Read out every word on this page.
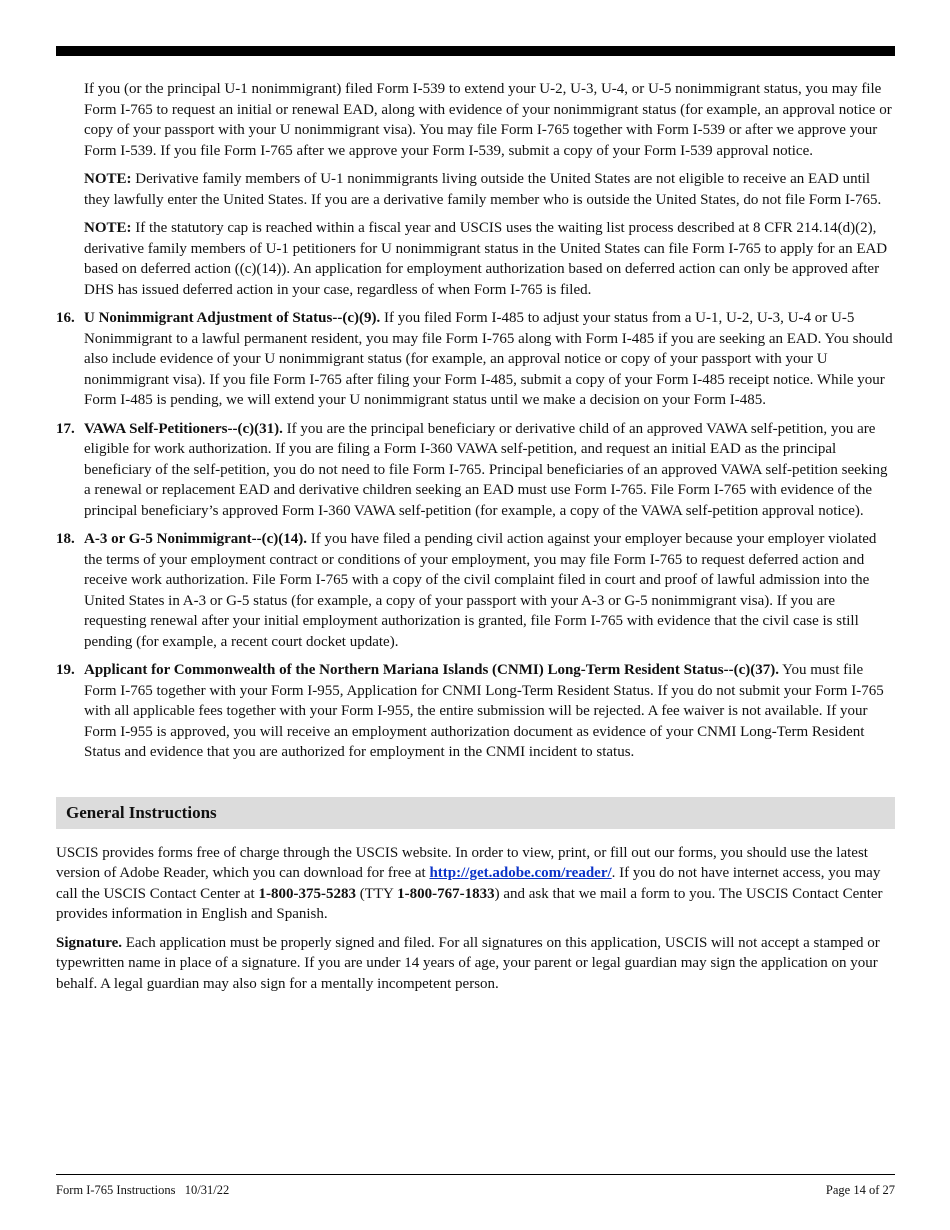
If you (or the principal U-1 nonimmigrant) filed Form I-539 to extend your U-2, U-3, U-4, or U-5 nonimmigrant status, you may file Form I-765 to request an initial or renewal EAD, along with evidence of your nonimmigrant status (for example, an approval notice or copy of your passport with your U nonimmigrant visa). You may file Form I-765 together with Form I-539 or after we approve your Form I-539. If you file Form I-765 after we approve your Form I-539, submit a copy of your Form I-539 approval notice.

NOTE: Derivative family members of U-1 nonimmigrants living outside the United States are not eligible to receive an EAD until they lawfully enter the United States. If you are a derivative family member who is outside the United States, do not file Form I-765.

NOTE: If the statutory cap is reached within a fiscal year and USCIS uses the waiting list process described at 8 CFR 214.14(d)(2), derivative family members of U-1 petitioners for U nonimmigrant status in the United States can file Form I-765 to apply for an EAD based on deferred action ((c)(14)). An application for employment authorization based on deferred action can only be approved after DHS has issued deferred action in your case, regardless of when Form I-765 is filed.

16. U Nonimmigrant Adjustment of Status--(c)(9). If you filed Form I-485 to adjust your status from a U-1, U-2, U-3, U-4 or U-5 Nonimmigrant to a lawful permanent resident, you may file Form I-765 along with Form I-485 if you are seeking an EAD. You should also include evidence of your U nonimmigrant status (for example, an approval notice or copy of your passport with your U nonimmigrant visa). If you file Form I-765 after filing your Form I-485, submit a copy of your Form I-485 receipt notice. While your Form I-485 is pending, we will extend your U nonimmigrant status until we make a decision on your Form I-485.
17. VAWA Self-Petitioners--(c)(31). If you are the principal beneficiary or derivative child of an approved VAWA self-petition, you are eligible for work authorization. If you are filing a Form I-360 VAWA self-petition, and request an initial EAD as the principal beneficiary of the self-petition, you do not need to file Form I-765. Principal beneficiaries of an approved VAWA self-petition seeking a renewal or replacement EAD and derivative children seeking an EAD must use Form I-765. File Form I-765 with evidence of the principal beneficiary’s approved Form I-360 VAWA self-petition (for example, a copy of the VAWA self-petition approval notice).
18. A-3 or G-5 Nonimmigrant--(c)(14). If you have filed a pending civil action against your employer because your employer violated the terms of your employment contract or conditions of your employment, you may file Form I-765 to request deferred action and receive work authorization. File Form I-765 with a copy of the civil complaint filed in court and proof of lawful admission into the United States in A-3 or G-5 status (for example, a copy of your passport with your A-3 or G-5 nonimmigrant visa). If you are requesting renewal after your initial employment authorization is granted, file Form I-765 with evidence that the civil case is still pending (for example, a recent court docket update).
19. Applicant for Commonwealth of the Northern Mariana Islands (CNMI) Long-Term Resident Status--(c)(37). You must file Form I-765 together with your Form I-955, Application for CNMI Long-Term Resident Status. If you do not submit your Form I-765 with all applicable fees together with your Form I-955, the entire submission will be rejected. A fee waiver is not available. If your Form I-955 is approved, you will receive an employment authorization document as evidence of your CNMI Long-Term Resident Status and evidence that you are authorized for employment in the CNMI incident to status.
General Instructions

USCIS provides forms free of charge through the USCIS website. In order to view, print, or fill out our forms, you should use the latest version of Adobe Reader, which you can download for free at http://get.adobe.com/reader/. If you do not have internet access, you may call the USCIS Contact Center at 1-800-375-5283 (TTY 1-800-767-1833) and ask that we mail a form to you. The USCIS Contact Center provides information in English and Spanish.

Signature. Each application must be properly signed and filed. For all signatures on this application, USCIS will not accept a stamped or typewritten name in place of a signature. If you are under 14 years of age, your parent or legal guardian may sign the application on your behalf. A legal guardian may also sign for a mentally incompetent person.

Form I-765 Instructions   10/31/22	Page 14 of 27
